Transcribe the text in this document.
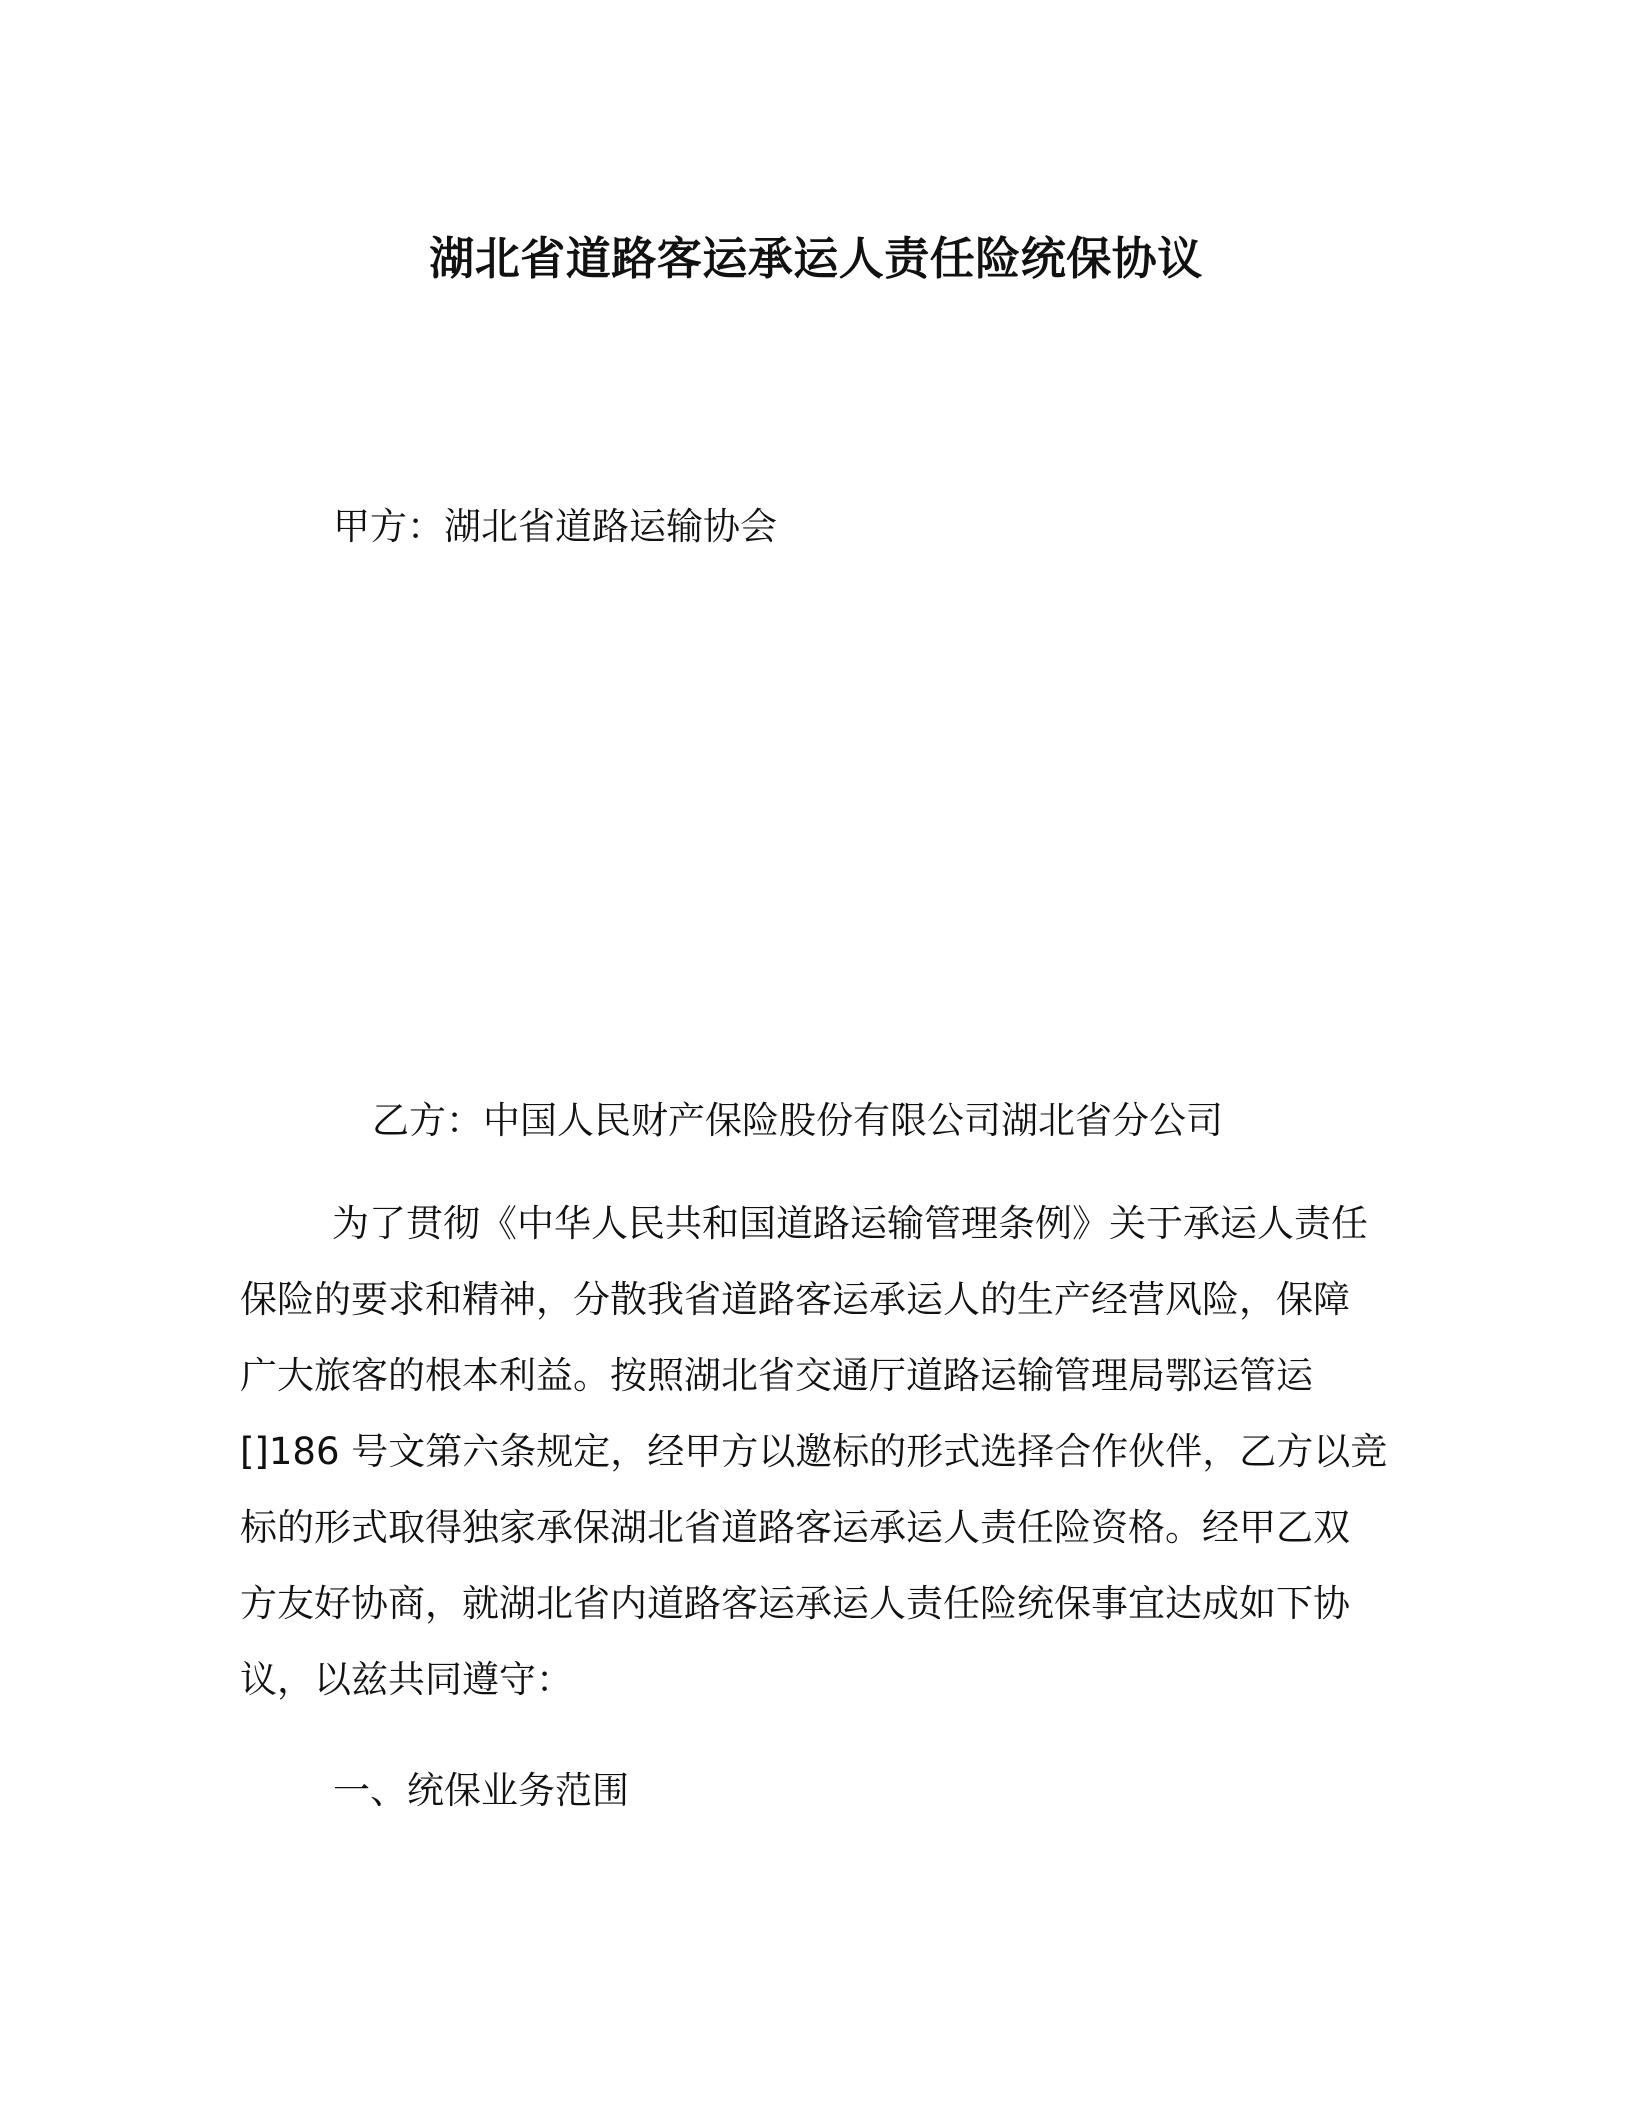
湖北省道路客运承运人责任险统保协议
甲方：湖北省道路运输协会
乙方：中国人民财产保险股份有限公司湖北省分公司
为了贯彻《中华人民共和国道路运输管理条例》关于承运人责任
保险的要求和精神，分散我省道路客运承运人的生产经营风险，保障
广大旅客的根本利益。按照湖北省交通厅道路运输管理局鄂运管运
[]186 号文第六条规定，经甲方以邀标的形式选择合作伙伴，乙方以竞
标的形式取得独家承保湖北省道路客运承运人责任险资格。经甲乙双
方友好协商，就湖北省内道路客运承运人责任险统保事宜达成如下协
议，以兹共同遵守：
一、统保业务范围
